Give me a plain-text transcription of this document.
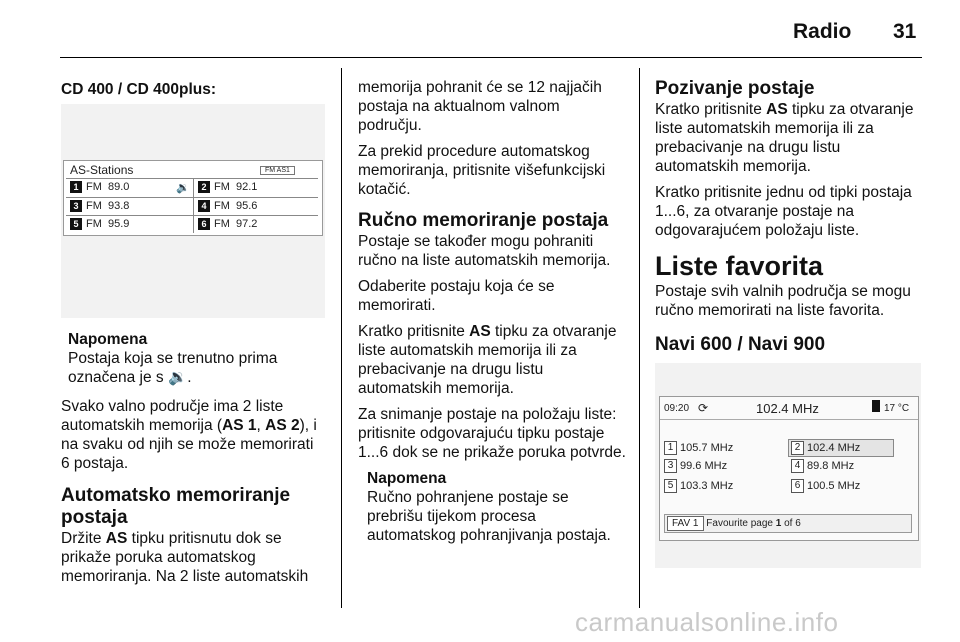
Radio 31
CD 400 / CD 400plus:
AS-Stations	FM AS1
1 FM 89.0	🔉	2 FM 92.1
3 FM 93.8	4 FM 95.6
5 FM 95.9	6 FM 97.2
Napomena
Postaja koja se trenutno prima
označena je s 🔉.

Svako valno područje ima 2 liste automatskih memorija (AS 1, AS 2), i na svaku od njih se može memorirati 6 postaja.

Automatsko memoriranje postaja

Držite AS tipku pritisnutu dok se prikaže poruka automatskog memoriranja. Na 2 liste automatskih

memorija pohranit će se 12 najjačih postaja na aktualnom valnom području.

Za prekid procedure automatskog memoriranja, pritisnite višefunkcijski kotačić.

Ručno memoriranje postaja

Postaje se također mogu pohraniti ručno na liste automatskih memorija.

Odaberite postaju koja će se memorirati.

Kratko pritisnite AS tipku za otvaranje liste automatskih memorija ili za prebacivanje na drugu listu automatskih memorija.

Za snimanje postaje na položaju liste: pritisnite odgovarajuću tipku postaje 1...6 dok se ne prikaže poruka potvrde.

Napomena
Ručno pohranjene postaje se prebrišu tijekom procesa automatskog pohranjivanja postaja.
Pozivanje postaje

Kratko pritisnite AS tipku za otvaranje liste automatskih memorija ili za prebacivanje na drugu listu automatskih memorija.

Kratko pritisnite jednu od tipki postaja 1...6, za otvaranje postaje na odgovarajućem položaju liste.

Liste favorita

Postaje svih valnih područja se mogu ručno memorirati na liste favorita.

Navi 600 / Navi 900
09:20 ⟳	102.4 MHz	17 °C
1 105.7 MHz	2 102.4 MHz
3 99.6 MHz	4 89.8 MHz
5 103.3 MHz	6 100.5 MHz
FAV 1 Favourite page 1 of 6
carmanualsonline.info
